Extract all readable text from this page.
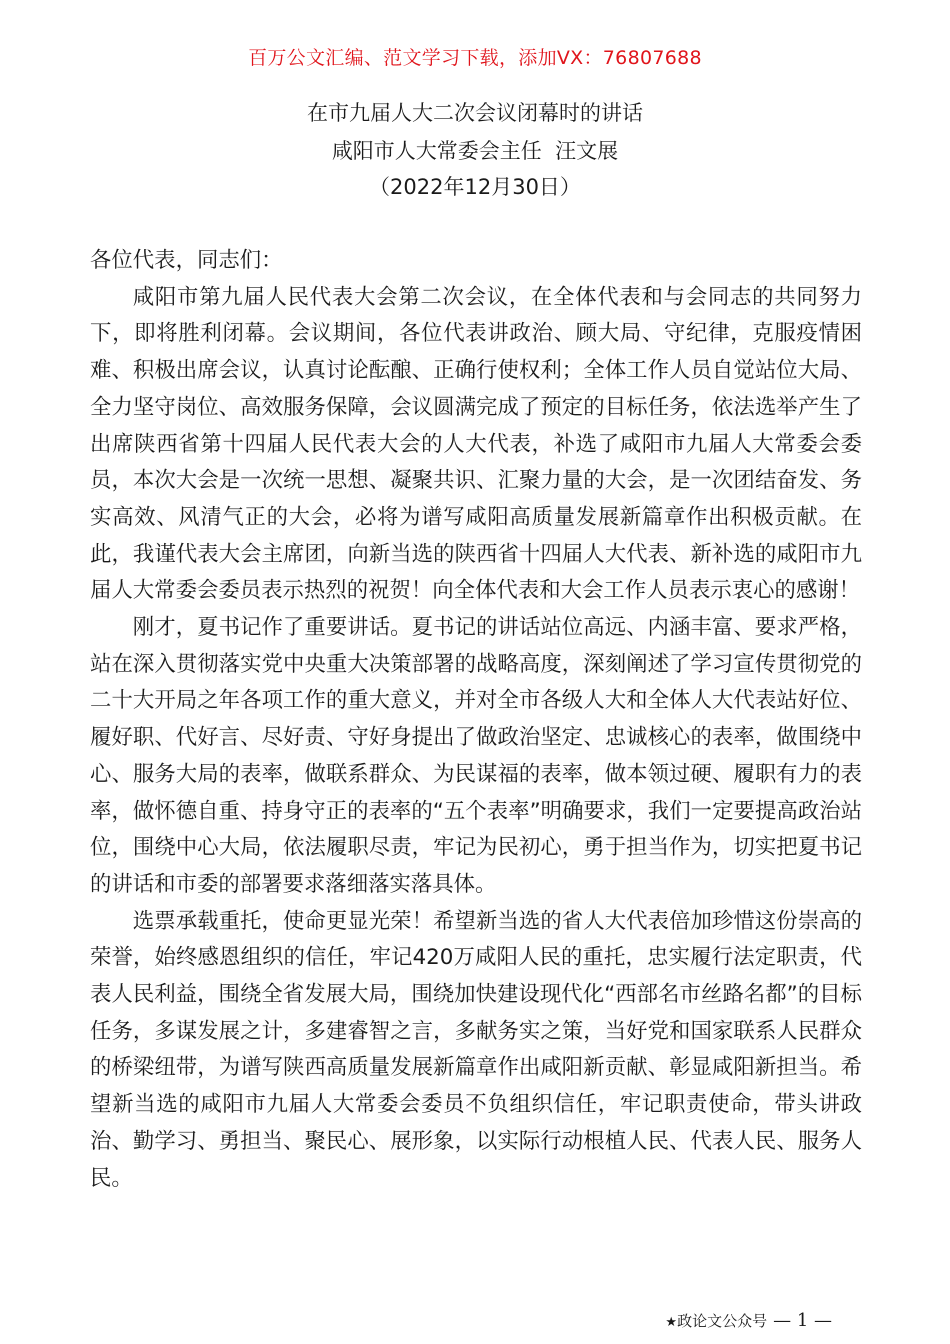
百万公文汇编、范文学习下载，添加VX：76807688
在市九届人大二次会议闭幕时的讲话
咸阳市人大常委会主任  汪文展
（2022年12月30日）

各位代表，同志们：

咸阳市第九届人民代表大会第二次会议，在全体代表和与会同志的共同努力下，即将胜利闭幕。会议期间，各位代表讲政治、顾大局、守纪律，克服疫情困难、积极出席会议，认真讨论酝酿、正确行使权利；全体工作人员自觉站位大局、全力坚守岗位、高效服务保障，会议圆满完成了预定的目标任务，依法选举产生了出席陕西省第十四届人民代表大会的人大代表，补选了咸阳市九届人大常委会委员，本次大会是一次统一思想、凝聚共识、汇聚力量的大会，是一次团结奋发、务实高效、风清气正的大会，必将为谱写咸阳高质量发展新篇章作出积极贡献。在此，我谨代表大会主席团，向新当选的陕西省十四届人大代表、新补选的咸阳市九届人大常委会委员表示热烈的祝贺！向全体代表和大会工作人员表示衷心的感谢！

刚才，夏书记作了重要讲话。夏书记的讲话站位高远、内涵丰富、要求严格，站在深入贯彻落实党中央重大决策部署的战略高度，深刻阐述了学习宣传贯彻党的二十大开局之年各项工作的重大意义，并对全市各级人大和全体人大代表站好位、履好职、代好言、尽好责、守好身提出了做政治坚定、忠诚核心的表率，做围绕中心、服务大局的表率，做联系群众、为民谋福的表率，做本领过硬、履职有力的表率，做怀德自重、持身守正的表率的“五个表率”明确要求，我们一定要提高政治站位，围绕中心大局，依法履职尽责，牢记为民初心，勇于担当作为，切实把夏书记的讲话和市委的部署要求落细落实落具体。

选票承载重托，使命更显光荣！希望新当选的省人大代表倍加珍惜这份崇高的荣誉，始终感恩组织的信任，牢记420万咸阳人民的重托，忠实履行法定职责，代表人民利益，围绕全省发展大局，围绕加快建设现代化“西部名市丝路名都”的目标任务，多谋发展之计，多建睿智之言，多献务实之策，当好党和国家联系人民群众的桥梁纽带，为谱写陕西高质量发展新篇章作出咸阳新贡献、彰显咸阳新担当。希望新当选的咸阳市九届人大常委会委员不负组织信任，牢记职责使命，带头讲政治、勤学习、勇担当、聚民心、展形象，以实际行动根植人民、代表人民、服务人民。

★政论文公众号 — 1 —
